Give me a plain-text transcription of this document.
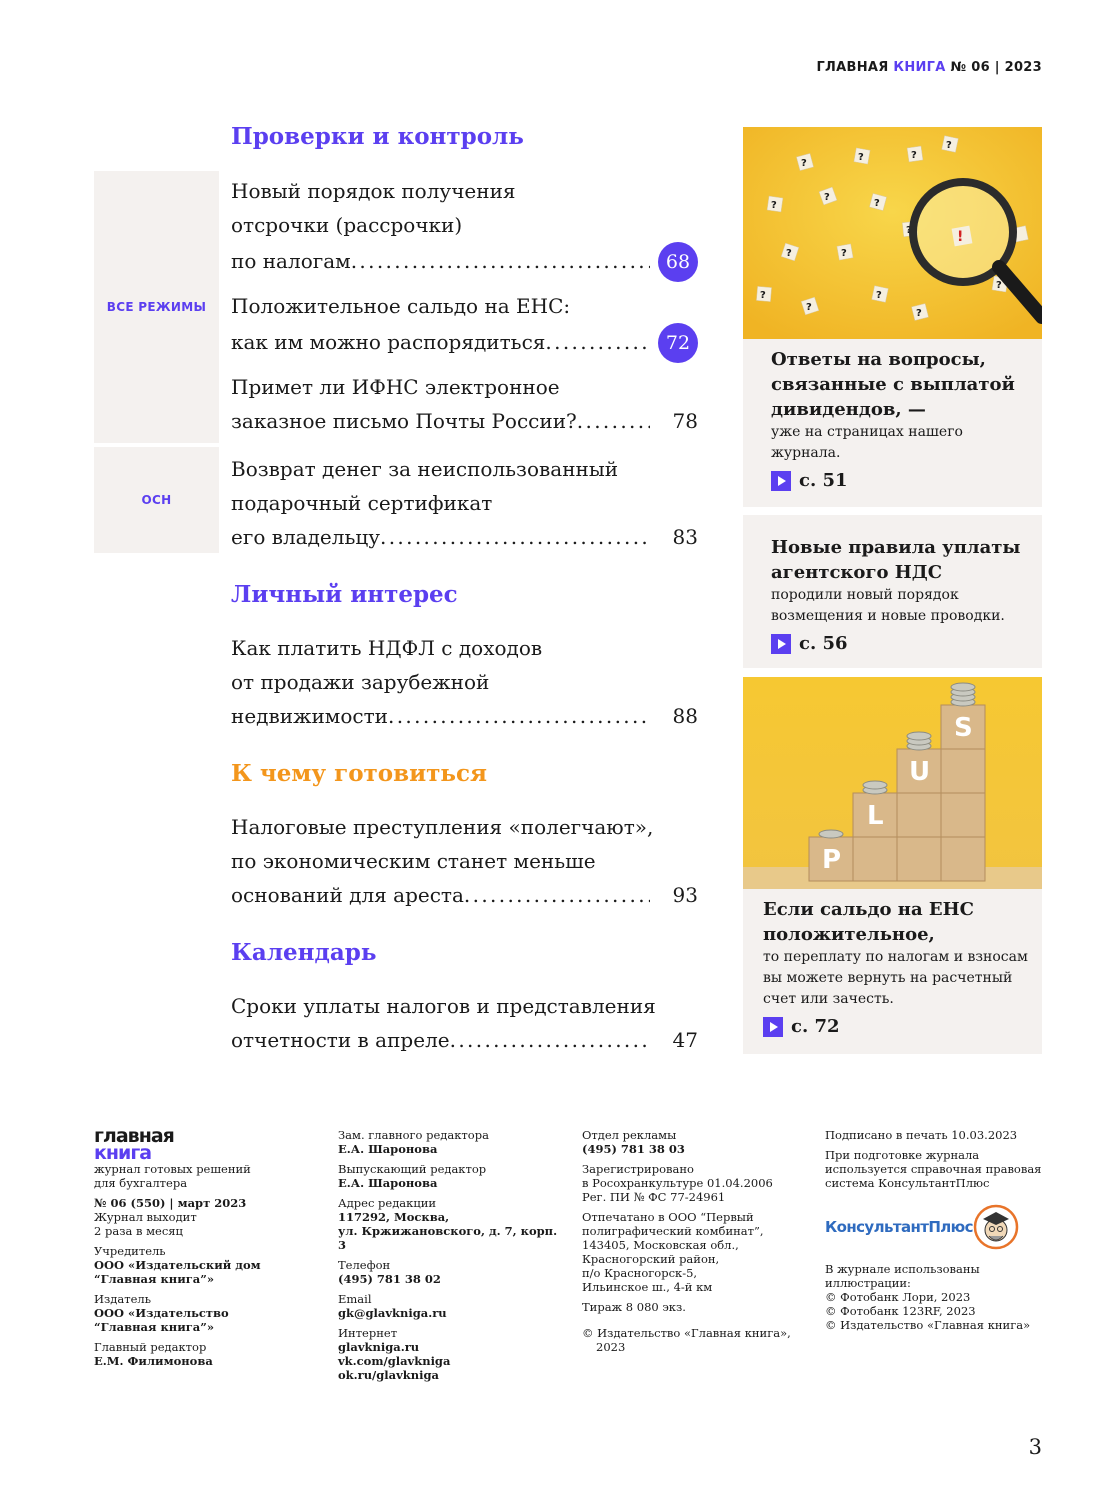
ГЛАВНАЯ КНИГА № 06 | 2023
Проверки и контроль
Личный интерес
К чему готовиться
Календарь
ВСЕ РЕЖИМЫ
ОСН
Новый порядок получения
отсрочки (рассрочки)
по налогам . . .	68
Положительное сальдо на ЕНС:
как им можно распорядиться . . .	72
Примет ли ИФНС электронное
заказное письмо Почты России? . . .	78
Возврат денег за неиспользованный
подарочный сертификат
его владельцу . . .	83
Как платить НДФЛ с доходов
от продажи зарубежной
недвижимости . . .	88
Налоговые преступления «полегчают»,
по экономическим станет меньше
оснований для ареста . . .	93
Сроки уплаты налогов и представления
отчетности в апреле . . .	47
?
?	?
?
?
?
?
?
?	?
?
?
?
?
?
!
Ответы на вопросы, связанные с выплатой дивидендов, —
уже на страницах нашего журнала.
с. 51
Новые правила уплаты агентского НДС
породили новый порядок возмещения и новые проводки.
с. 56
P
L
U
S
Если сальдо на ЕНС положительное,
то переплату по налогам и взносам вы можете вернуть на расчетный счет или зачесть.
с. 72
главная
книга
журнал готовых решений
для бухгалтера
№ 06 (550) | март 2023
Журнал выходит
2 раза в месяц
Учредитель
ООО «Издательский дом
“Главная книга”»
Издатель
ООО «Издательство
“Главная книга”»
Главный редактор
Е.М. Филимонова
Зам. главного редактора
Е.А. Шаронова
Выпускающий редактор
Е.А. Шаронова
Адрес редакции
117292, Москва,
ул. Кржижановского, д. 7, корп. 3
Телефон
(495) 781 38 02
Email
gk@glavkniga.ru
Интернет
glavkniga.ru
vk.com/glavkniga
ok.ru/glavkniga
Отдел рекламы
(495) 781 38 03
Зарегистрировано
в Росохранкультуре 01.04.2006
Рег. ПИ № ФС 77-24961
Отпечатано в ООО “Первый
полиграфический комбинат”,
143405, Московская обл.,
Красногорский район,
п/о Красногорск-5,
Ильинское ш., 4-й км
Тираж 8 080 экз.
© Издательство «Главная книга»,
2023
Подписано в печать 10.03.2023
При подготовке журнала
используется справочная правовая
система КонсультантПлюс
КонсультантПлюс
В журнале использованы
иллюстрации:
© Фотобанк Лори, 2023
© Фотобанк 123RF, 2023
© Издательство «Главная книга»
3
